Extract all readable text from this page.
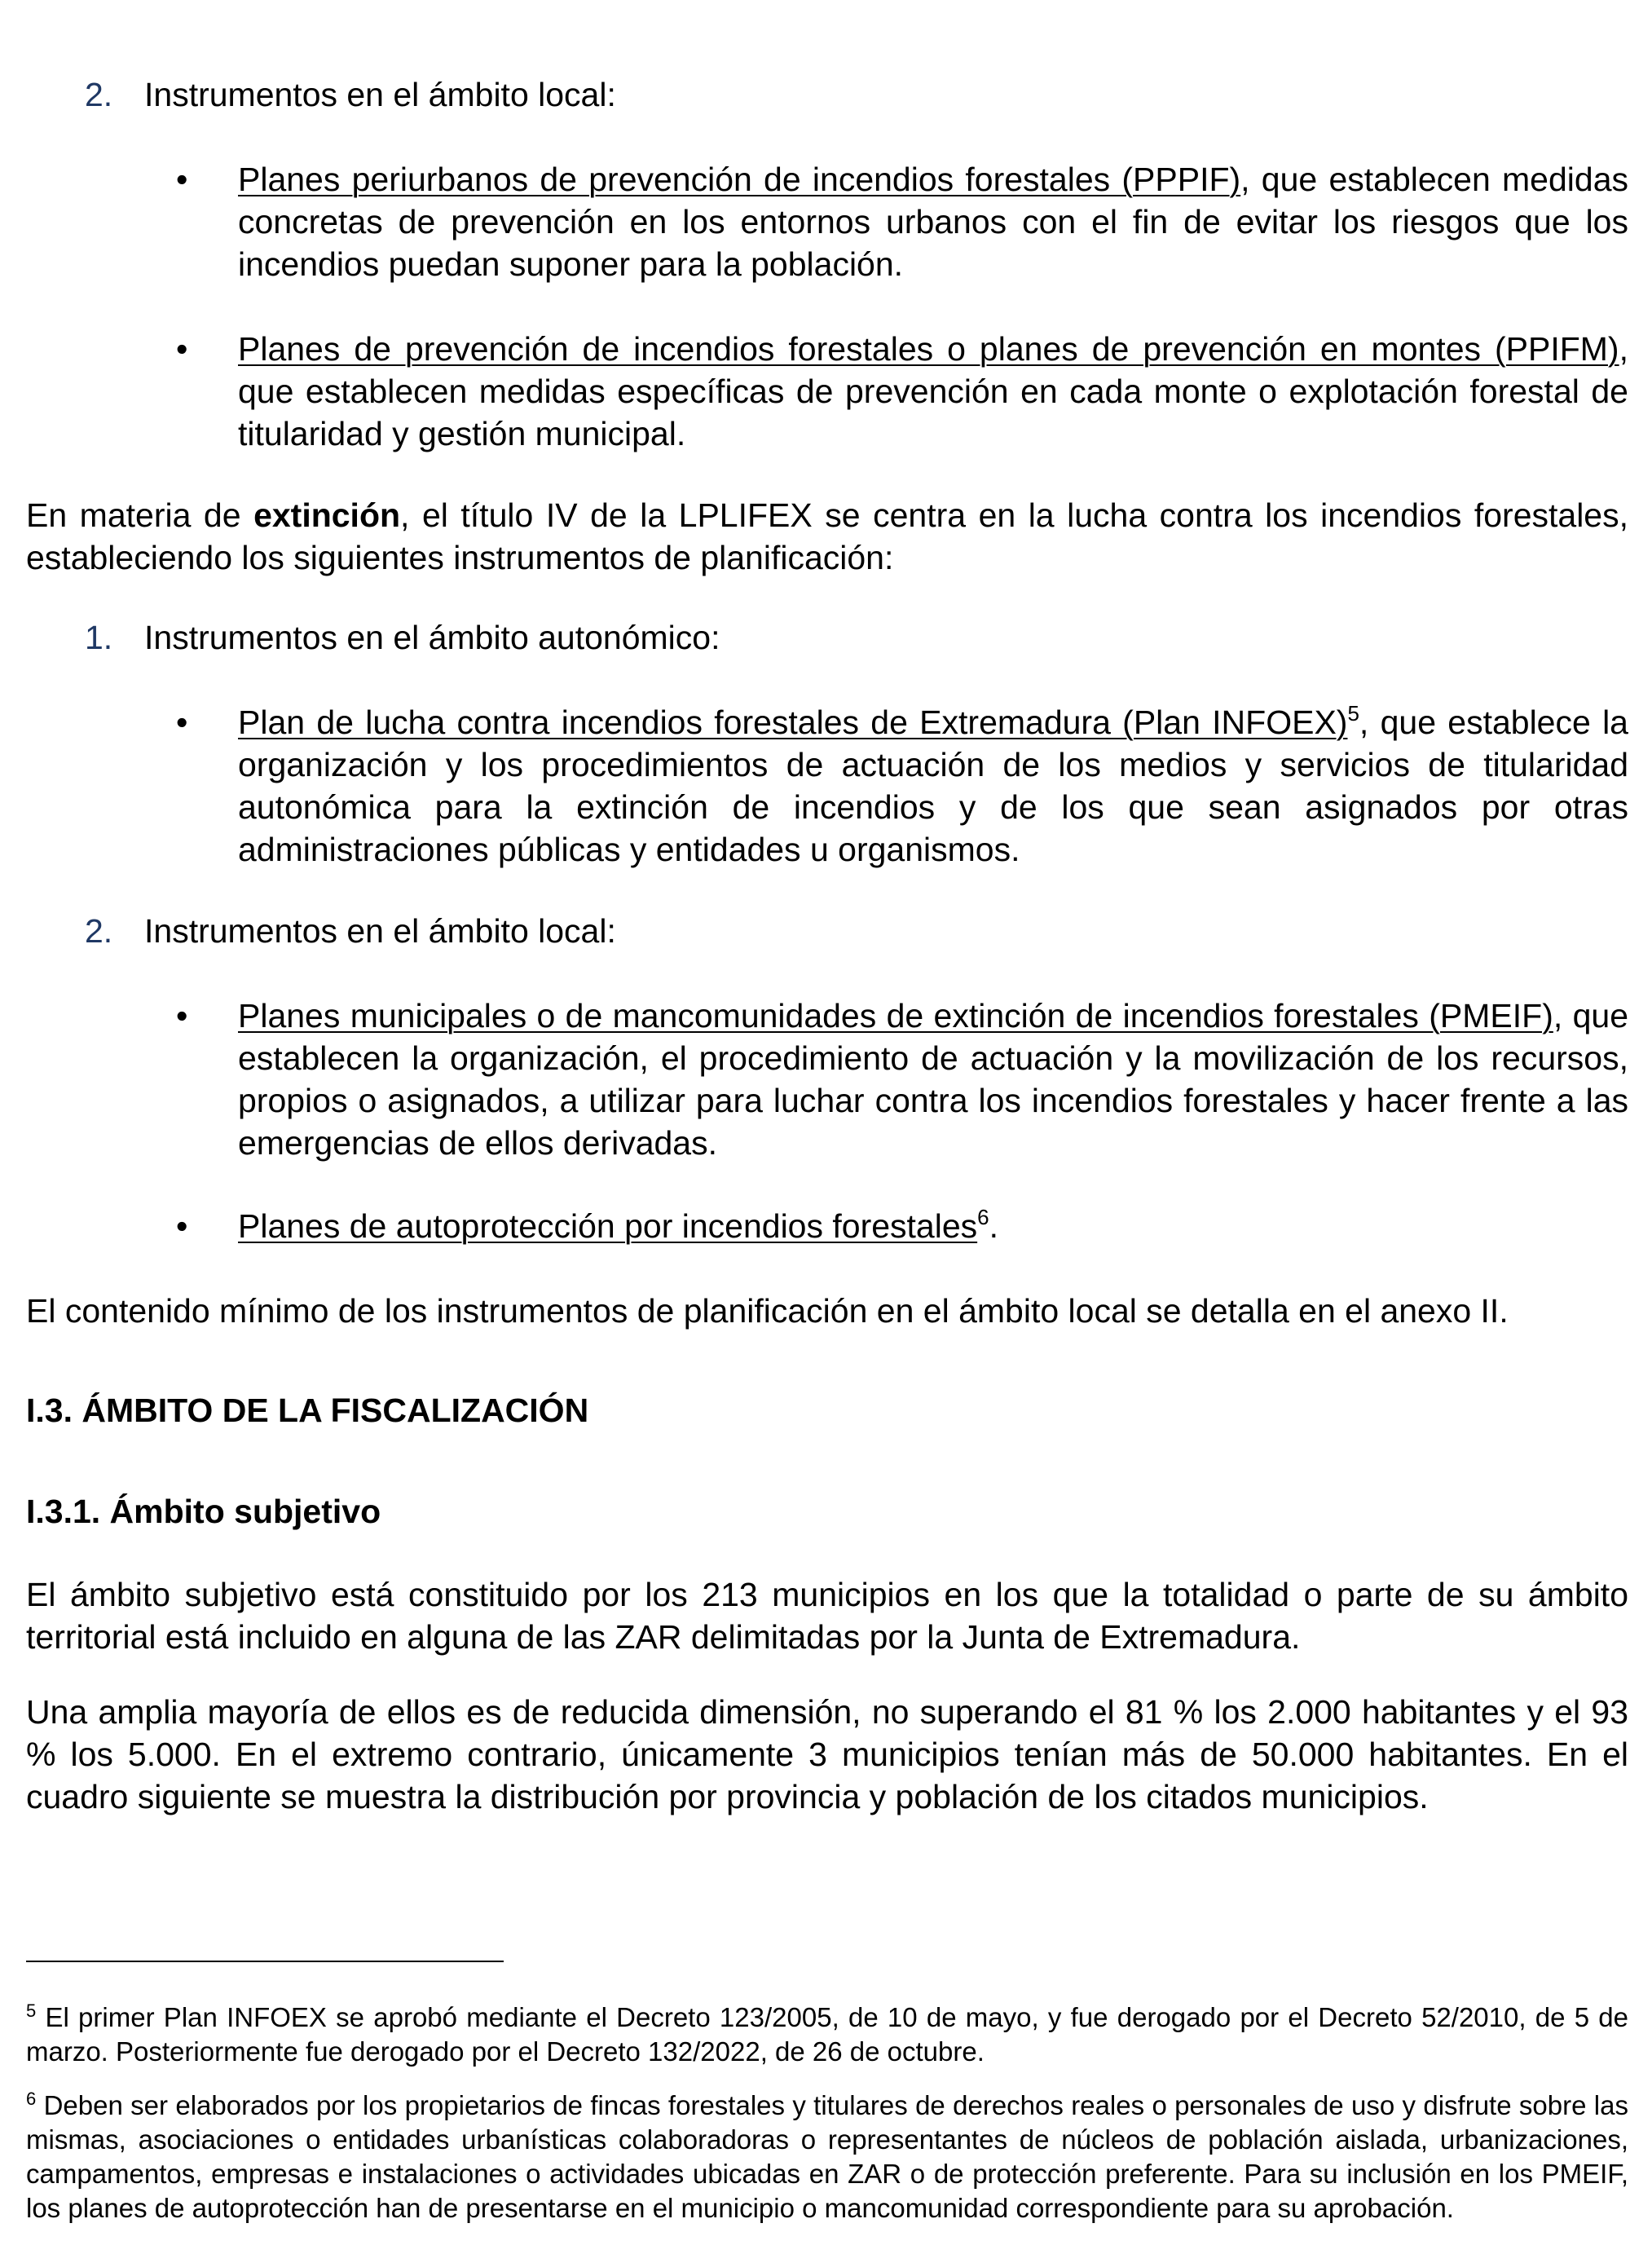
2. Instrumentos en el ámbito local:
• Planes periurbanos de prevención de incendios forestales (PPPIF), que establecen medidas concretas de prevención en los entornos urbanos con el fin de evitar los riesgos que los incendios puedan suponer para la población.
• Planes de prevención de incendios forestales o planes de prevención en montes (PPIFM), que establecen medidas específicas de prevención en cada monte o explotación forestal de titularidad y gestión municipal.
En materia de extinción, el título IV de la LPLIFEX se centra en la lucha contra los incendios forestales, estableciendo los siguientes instrumentos de planificación:
1. Instrumentos en el ámbito autonómico:
• Plan de lucha contra incendios forestales de Extremadura (Plan INFOEX)$^5$, que establece la organización y los procedimientos de actuación de los medios y servicios de titularidad autonómica para la extinción de incendios y de los que sean asignados por otras administraciones públicas y entidades u organismos.
2. Instrumentos en el ámbito local:
• Planes municipales o de mancomunidades de extinción de incendios forestales (PMEIF), que establecen la organización, el procedimiento de actuación y la movilización de los recursos, propios o asignados, a utilizar para luchar contra los incendios forestales y hacer frente a las emergencias de ellos derivadas.
• Planes de autoprotección por incendios forestales$^6$.
El contenido mínimo de los instrumentos de planificación en el ámbito local se detalla en el anexo II.
I.3. ÁMBITO DE LA FISCALIZACIÓN
I.3.1. Ámbito subjetivo
El ámbito subjetivo está constituido por los 213 municipios en los que la totalidad o parte de su ámbito territorial está incluido en alguna de las ZAR delimitadas por la Junta de Extremadura.
Una amplia mayoría de ellos es de reducida dimensión, no superando el 81 % los 2.000 habitantes y el 93 % los 5.000. En el extremo contrario, únicamente 3 municipios tenían más de 50.000 habitantes. En el cuadro siguiente se muestra la distribución por provincia y población de los citados municipios.
$^5$ El primer Plan INFOEX se aprobó mediante el Decreto 123/2005, de 10 de mayo, y fue derogado por el Decreto 52/2010, de 5 de marzo. Posteriormente fue derogado por el Decreto 132/2022, de 26 de octubre.
$^6$ Deben ser elaborados por los propietarios de fincas forestales y titulares de derechos reales o personales de uso y disfrute sobre las mismas, asociaciones o entidades urbanísticas colaboradoras o representantes de núcleos de población aislada, urbanizaciones, campamentos, empresas e instalaciones o actividades ubicadas en ZAR o de protección preferente. Para su inclusión en los PMEIF, los planes de autoprotección han de presentarse en el municipio o mancomunidad correspondiente para su aprobación.
